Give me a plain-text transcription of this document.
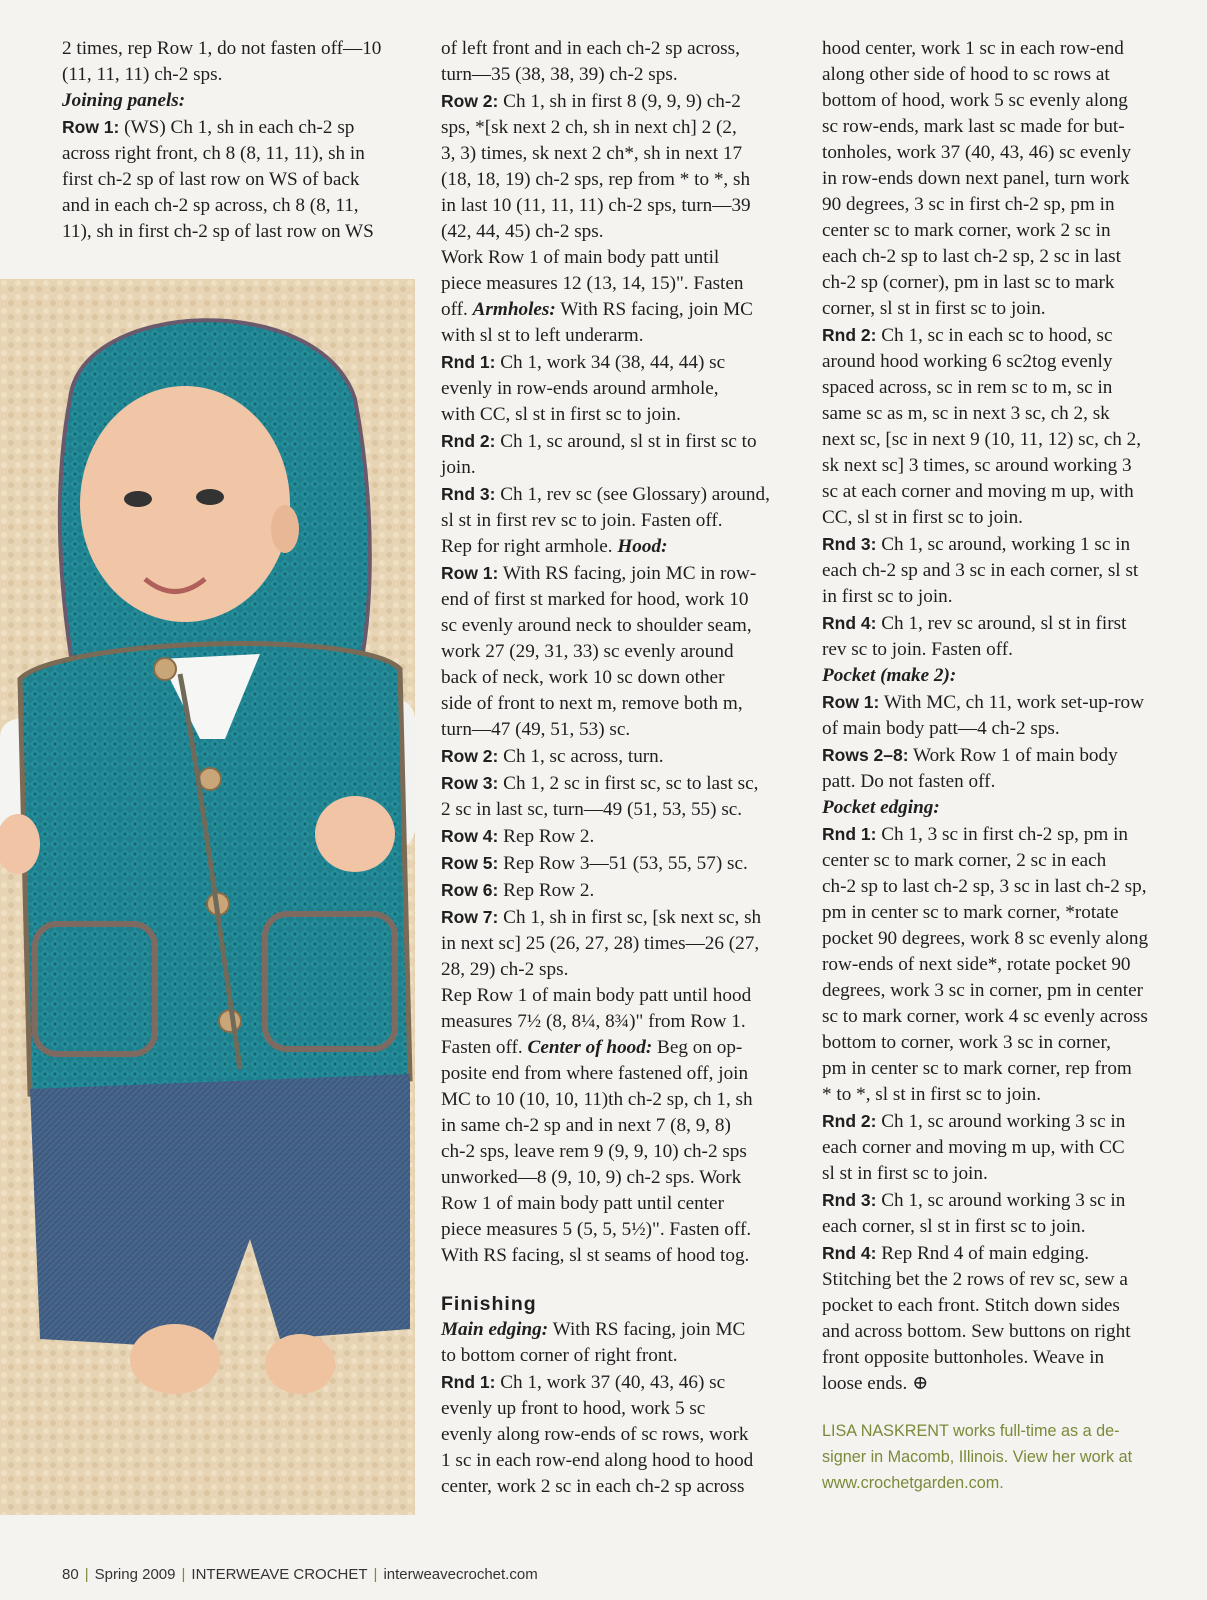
2 times, rep Row 1, do not fasten off—10

(11, 11, 11) ch-2 sps.

Joining panels:

Row 1: (WS) Ch 1, sh in each ch-2 sp

across right front, ch 8 (8, 11, 11), sh in

first ch-2 sp of last row on WS of back

and in each ch-2 sp across, ch 8 (8, 11,

11), sh in first ch-2 sp of last row on WS

of left front and in each ch-2 sp across,

turn—35 (38, 38, 39) ch-2 sps.

Row 2: Ch 1, sh in first 8 (9, 9, 9) ch-2

sps, *[sk next 2 ch, sh in next ch] 2 (2,

3, 3) times, sk next 2 ch*, sh in next 17

(18, 18, 19) ch-2 sps, rep from * to *, sh

in last 10 (11, 11, 11) ch-2 sps, turn—39

(42, 44, 45) ch-2 sps.

Work Row 1 of main body patt until

piece measures 12 (13, 14, 15)". Fasten

off. Armholes: With RS facing, join MC

with sl st to left underarm.

Rnd 1: Ch 1, work 34 (38, 44, 44) sc

evenly in row-ends around armhole,

with CC, sl st in first sc to join.

Rnd 2: Ch 1, sc around, sl st in first sc to

join.

Rnd 3: Ch 1, rev sc (see Glossary) around,

sl st in first rev sc to join. Fasten off.

Rep for right armhole. Hood:

Row 1: With RS facing, join MC in row-

end of first st marked for hood, work 10

sc evenly around neck to shoulder seam,

work 27 (29, 31, 33) sc evenly around

back of neck, work 10 sc down other

side of front to next m, remove both m,

turn—47 (49, 51, 53) sc.

Row 2: Ch 1, sc across, turn.

Row 3: Ch 1, 2 sc in first sc, sc to last sc,

2 sc in last sc, turn—49 (51, 53, 55) sc.

Row 4: Rep Row 2.

Row 5: Rep Row 3—51 (53, 55, 57) sc.

Row 6: Rep Row 2.

Row 7: Ch 1, sh in first sc, [sk next sc, sh

in next sc] 25 (26, 27, 28) times—26 (27,

28, 29) ch-2 sps.

Rep Row 1 of main body patt until hood

measures 7½ (8, 8¼, 8¾)" from Row 1.

Fasten off. Center of hood: Beg on op-

posite end from where fastened off, join

MC to 10 (10, 10, 11)th ch-2 sp, ch 1, sh

in same ch-2 sp and in next 7 (8, 9, 8)

ch-2 sps, leave rem 9 (9, 9, 10) ch-2 sps

unworked—8 (9, 10, 9) ch-2 sps. Work

Row 1 of main body patt until center

piece measures 5 (5, 5, 5½)". Fasten off.

With RS facing, sl st seams of hood tog.

Finishing

Main edging: With RS facing, join MC

to bottom corner of right front.

Rnd 1: Ch 1, work 37 (40, 43, 46) sc

evenly up front to hood, work 5 sc

evenly along row-ends of sc rows, work

1 sc in each row-end along hood to hood

center, work 2 sc in each ch-2 sp across

hood center, work 1 sc in each row-end

along other side of hood to sc rows at

bottom of hood, work 5 sc evenly along

sc row-ends, mark last sc made for but-

tonholes, work 37 (40, 43, 46) sc evenly

in row-ends down next panel, turn work

90 degrees, 3 sc in first ch-2 sp, pm in

center sc to mark corner, work 2 sc in

each ch-2 sp to last ch-2 sp, 2 sc in last

ch-2 sp (corner), pm in last sc to mark

corner, sl st in first sc to join.

Rnd 2: Ch 1, sc in each sc to hood, sc

around hood working 6 sc2tog evenly

spaced across, sc in rem sc to m, sc in

same sc as m, sc in next 3 sc, ch 2, sk

next sc, [sc in next 9 (10, 11, 12) sc, ch 2,

sk next sc] 3 times, sc around working 3

sc at each corner and moving m up, with

CC, sl st in first sc to join.

Rnd 3: Ch 1, sc around, working 1 sc in

each ch-2 sp and 3 sc in each corner, sl st

in first sc to join.

Rnd 4: Ch 1, rev sc around, sl st in first

rev sc to join. Fasten off.

Pocket (make 2):

Row 1: With MC, ch 11, work set-up-row

of main body patt—4 ch-2 sps.

Rows 2–8: Work Row 1 of main body

patt. Do not fasten off.

Pocket edging:

Rnd 1: Ch 1, 3 sc in first ch-2 sp, pm in

center sc to mark corner, 2 sc in each

ch-2 sp to last ch-2 sp, 3 sc in last ch-2 sp,

pm in center sc to mark corner, *rotate

pocket 90 degrees, work 8 sc evenly along

row-ends of next side*, rotate pocket 90

degrees, work 3 sc in corner, pm in center

sc to mark corner, work 4 sc evenly across

bottom to corner, work 3 sc in corner,

pm in center sc to mark corner, rep from

* to *, sl st in first sc to join.

Rnd 2: Ch 1, sc around working 3 sc in

each corner and moving m up, with CC

sl st in first sc to join.

Rnd 3: Ch 1, sc around working 3 sc in

each corner, sl st in first sc to join.

Rnd 4: Rep Rnd 4 of main edging.

Stitching bet the 2 rows of rev sc, sew a

pocket to each front. Stitch down sides

and across bottom. Sew buttons on right

front opposite buttonholes. Weave in

loose ends. ⊕

LISA NASKRENT works full-time as a de-
signer in Macomb, Illinois. View her work at
www.crochetgarden.com.
80 | Spring 2009 | INTERWEAVE CROCHET | interweavecrochet.com
